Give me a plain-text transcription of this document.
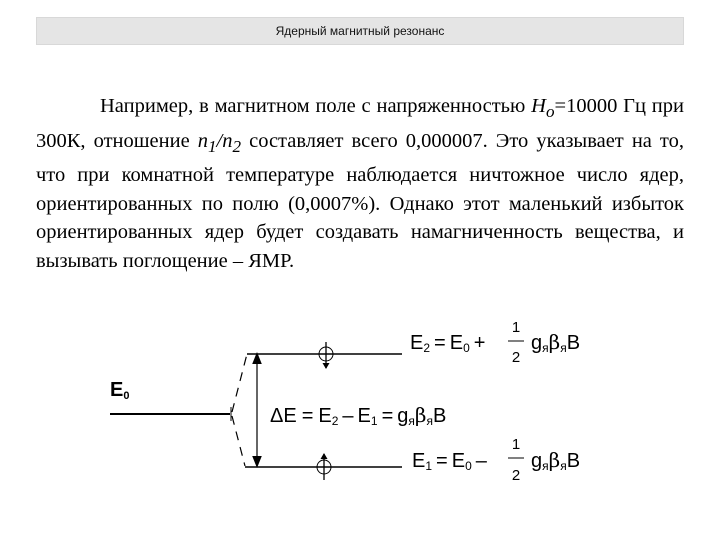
Ядерный магнитный резонанс
Например, в магнитном поле с напряженностью $H_o=10000$ Гц при 300К, отношение $n_1/n_2$ составляет всего 0,000007. Это указывает на то, что при комнатной температуре наблюдается ничтожное число ядер, ориентированных по полю (0,0007%). Однако этот маленький избыток ориентированных ядер будет создавать намагниченность вещества, и вызывать поглощение – ЯМР.
E0
E2 = E0 +
1
2
gяβяB
ΔE = E2 – E1 = gяβяB
E1 = E0 –
1
2
gяβяB
